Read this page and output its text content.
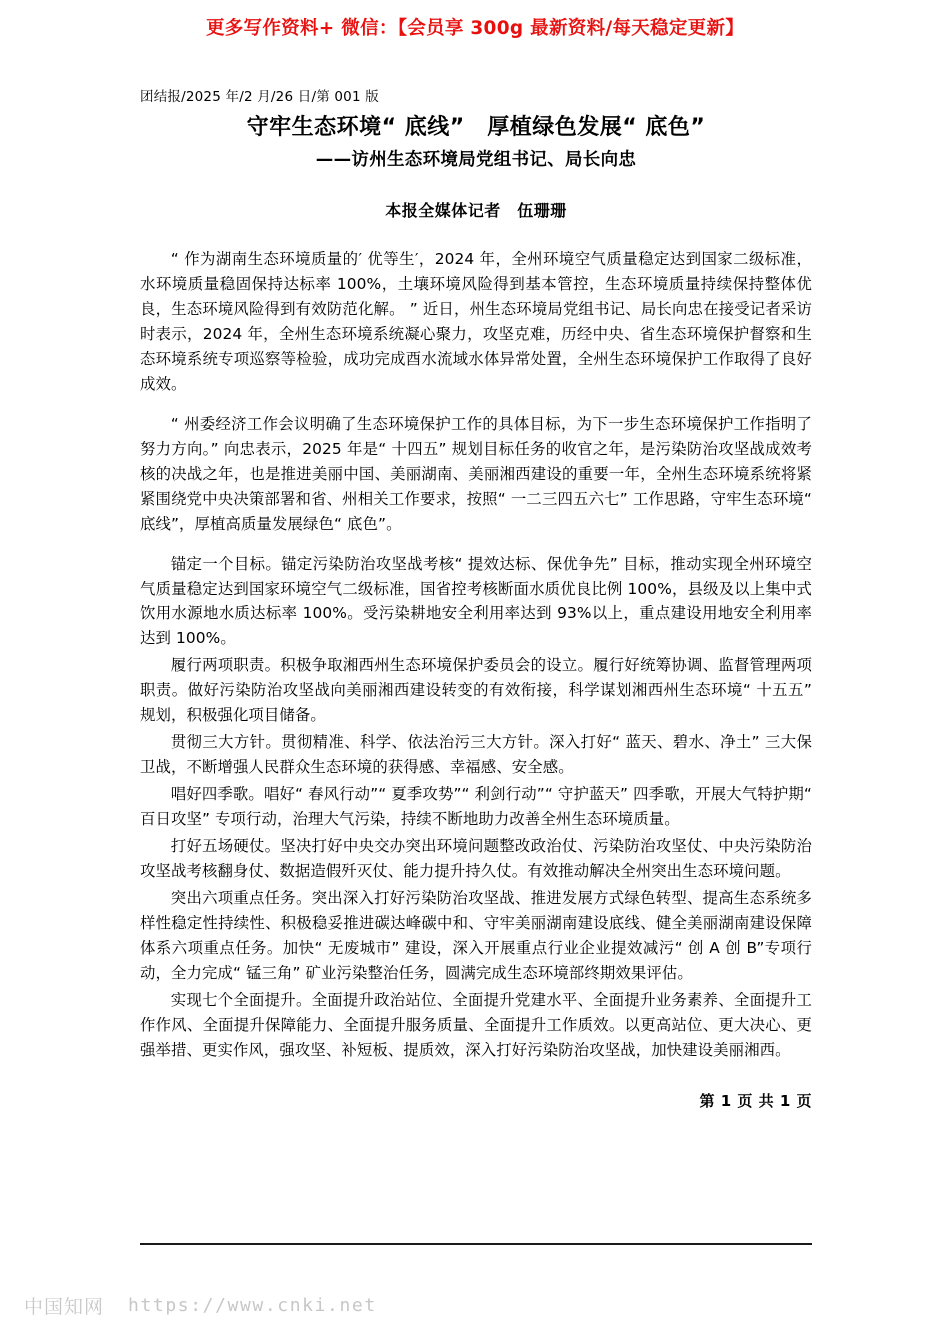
更多写作资料+ 微信：【会员享 300g 最新资料/每天稳定更新】
团结报/2025 年/2 月/26 日/第 001 版
守牢生态环境“ 底线”　厚植绿色发展“ 底色”
——访州生态环境局党组书记、局长向忠
本报全媒体记者　伍珊珊

“ 作为湖南生态环境质量的′ 优等生′，2024 年，全州环境空气质量稳定达到国家二级标准，水环境质量稳固保持达标率 100%，土壤环境风险得到基本管控，生态环境质量持续保持整体优良，生态环境风险得到有效防范化解。 ” 近日，州生态环境局党组书记、局长向忠在接受记者采访时表示，2024 年，全州生态环境系统凝心聚力，攻坚克难，历经中央、省生态环境保护督察和生态环境系统专项巡察等检验，成功完成酉水流域水体异常处置，全州生态环境保护工作取得了良好成效。

“ 州委经济工作会议明确了生态环境保护工作的具体目标，为下一步生态环境保护工作指明了努力方向。” 向忠表示，2025 年是“ 十四五” 规划目标任务的收官之年，是污染防治攻坚战成效考核的决战之年，也是推进美丽中国、美丽湖南、美丽湘西建设的重要一年，全州生态环境系统将紧紧围绕党中央决策部署和省、州相关工作要求，按照“ 一二三四五六七” 工作思路，守牢生态环境“ 底线”，厚植高质量发展绿色“ 底色”。

锚定一个目标。锚定污染防治攻坚战考核“ 提效达标、保优争先” 目标，推动实现全州环境空气质量稳定达到国家环境空气二级标准，国省控考核断面水质优良比例 100%，县级及以上集中式饮用水源地水质达标率 100%。受污染耕地安全利用率达到 93%以上，重点建设用地安全利用率达到 100%。

履行两项职责。积极争取湘西州生态环境保护委员会的设立。履行好统筹协调、监督管理两项职责。做好污染防治攻坚战向美丽湘西建设转变的有效衔接，科学谋划湘西州生态环境“ 十五五” 规划，积极强化项目储备。

贯彻三大方针。贯彻精准、科学、依法治污三大方针。深入打好“ 蓝天、碧水、净土” 三大保卫战，不断增强人民群众生态环境的获得感、幸福感、安全感。

唱好四季歌。唱好“ 春风行动”“ 夏季攻势”“ 利剑行动”“ 守护蓝天” 四季歌，开展大气特护期“ 百日攻坚” 专项行动，治理大气污染，持续不断地助力改善全州生态环境质量。

打好五场硬仗。坚决打好中央交办突出环境问题整改政治仗、污染防治攻坚仗、中央污染防治攻坚战考核翻身仗、数据造假歼灭仗、能力提升持久仗。有效推动解决全州突出生态环境问题。

突出六项重点任务。突出深入打好污染防治攻坚战、推进发展方式绿色转型、提高生态系统多样性稳定性持续性、积极稳妥推进碳达峰碳中和、守牢美丽湖南建设底线、健全美丽湖南建设保障体系六项重点任务。加快“ 无废城市” 建设，深入开展重点行业企业提效减污“ 创 A 创 B”专项行动，全力完成“ 锰三角” 矿业污染整治任务，圆满完成生态环境部终期效果评估。

实现七个全面提升。全面提升政治站位、全面提升党建水平、全面提升业务素养、全面提升工作作风、全面提升保障能力、全面提升服务质量、全面提升工作质效。以更高站位、更大决心、更强举措、更实作风，强攻坚、补短板、提质效，深入打好污染防治攻坚战，加快建设美丽湘西。

第 1 页 共 1 页
中国知网 https://www.cnki.net
